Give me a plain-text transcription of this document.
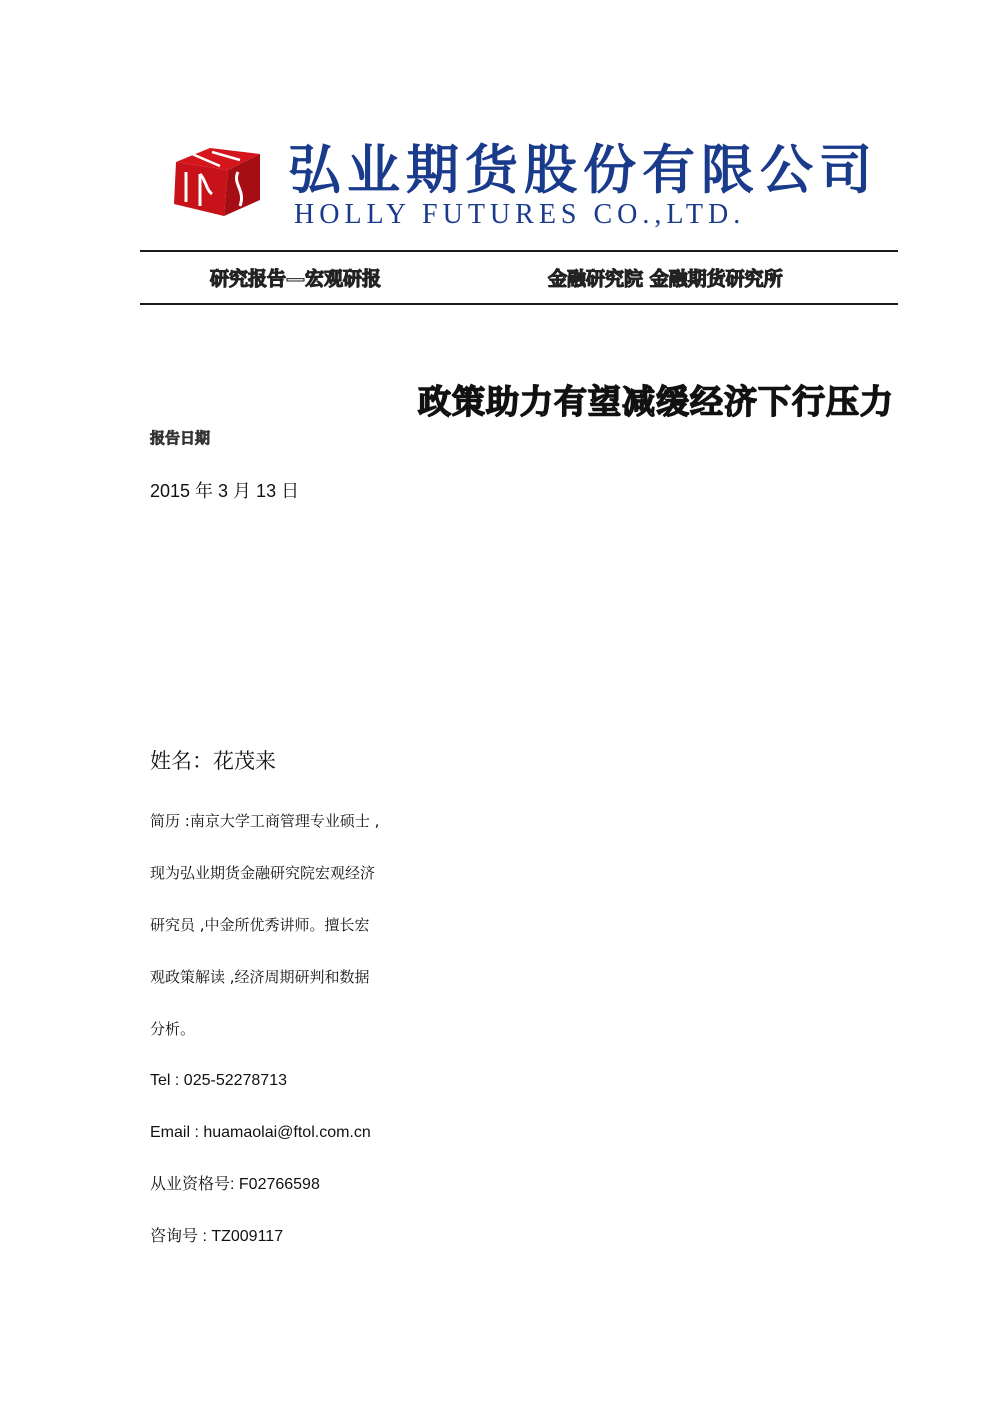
弘业期货股份有限公司
HOLLY FUTURES CO.,LTD.
研究报告—宏观研报	金融研究院 金融期货研究所
政策助力有望减缓经济下行压力
报告日期
2015 年 3 月 13 日
姓名：花茂来
简历 :南京大学工商管理专业硕士 ,
现为弘业期货金融研究院宏观经济
研究员 ,中金所优秀讲师。擅长宏
观政策解读 ,经济周期研判和数据
分析。
Tel : 025-52278713
Email : huamaolai@ftol.com.cn
从业资格号: F02766598
咨询号 : TZ009117
